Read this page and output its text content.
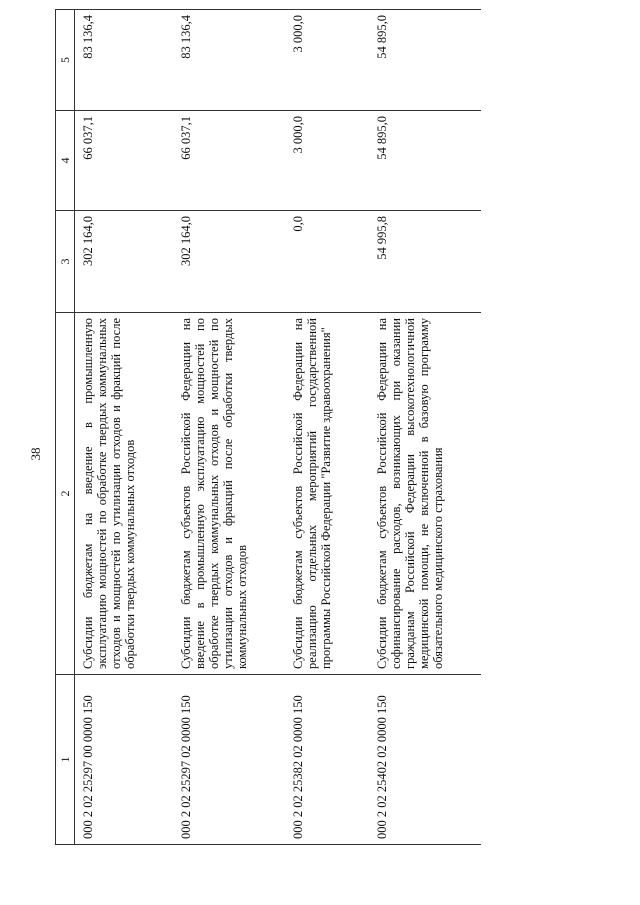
38
1	2	3	4	5
000 2 02 25297 00 0000 150	Субсидии бюджетам на введение в промышленную эксплуатацию мощностей по обработке твердых коммунальных отходов и мощностей по утилизации отходов и фракций после обработки твердых коммунальных отходов	302 164,0	66 037,1	83 136,4
000 2 02 25297 02 0000 150	Субсидии бюджетам субъектов Российской Федерации на введение в промышленную эксплуатацию мощностей по обработке твердых коммунальных отходов и мощностей по утилизации отходов и фракций после обработки твердых коммунальных отходов	302 164,0	66 037,1	83 136,4
000 2 02 25382 02 0000 150	Субсидии бюджетам субъектов Российской Федерации на реализацию отдельных мероприятий государственной программы Российской Федерации "Развитие здравоохранения"	0,0	3 000,0	3 000,0
000 2 02 25402 02 0000 150	Субсидии бюджетам субъектов Российской Федерации на софинансирование расходов, возникающих при оказании гражданам Российской Федерации высокотехнологичной медицинской помощи, не включенной в базовую программу обязательного медицинского страхования	54 995,8	54 895,0	54 895,0
